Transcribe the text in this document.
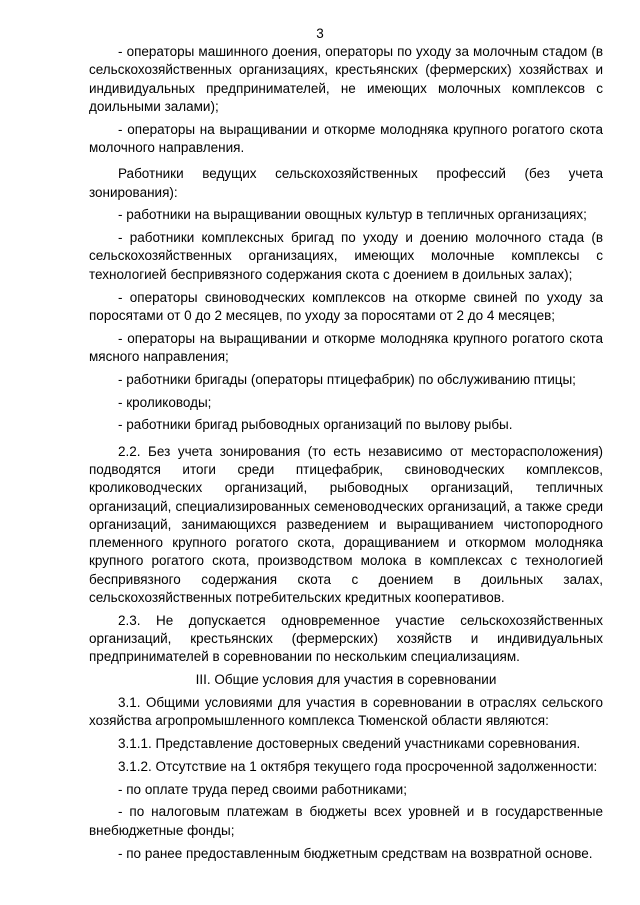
3

- операторы машинного доения, операторы по уходу за молочным стадом (в сельскохозяйственных организациях, крестьянских (фермерских) хозяйствах и индивидуальных предпринимателей, не имеющих молочных комплексов с доильными залами);

- операторы на выращивании и откорме молодняка крупного рогатого скота молочного направления.

Работники ведущих сельскохозяйственных профессий (без учета зонирования):

- работники на выращивании овощных культур в тепличных организациях;

- работники комплексных бригад по уходу и доению молочного стада (в сельскохозяйственных организациях, имеющих молочные комплексы с технологией беспривязного содержания скота с доением в доильных залах);

- операторы свиноводческих комплексов на откорме свиней по уходу за поросятами от 0 до 2 месяцев, по уходу за поросятами от 2 до 4 месяцев;

- операторы на выращивании и откорме молодняка крупного рогатого скота мясного направления;

- работники бригады (операторы птицефабрик) по обслуживанию птицы;

- кролиководы;

- работники бригад рыбоводных организаций по вылову рыбы.

2.2. Без учета зонирования (то есть независимо от месторасположения) подводятся итоги среди птицефабрик, свиноводческих комплексов, кролиководческих организаций, рыбоводных организаций, тепличных организаций, специализированных семеноводческих организаций, а также среди организаций, занимающихся разведением и выращиванием чистопородного племенного крупного рогатого скота, доращиванием и откормом молодняка крупного рогатого скота, производством молока в комплексах с технологией беспривязного содержания скота с доением в доильных залах, сельскохозяйственных потребительских кредитных кооперативов.

2.3. Не допускается одновременное участие сельскохозяйственных организаций, крестьянских (фермерских) хозяйств и индивидуальных предпринимателей в соревновании по нескольким специализациям.

III. Общие условия для участия в соревновании

3.1. Общими условиями для участия в соревновании в отраслях сельского хозяйства агропромышленного комплекса Тюменской области являются:

3.1.1. Представление достоверных сведений участниками соревнования.

3.1.2. Отсутствие на 1 октября текущего года просроченной задолженности:

- по оплате труда перед своими работниками;

- по налоговым платежам в бюджеты всех уровней и в государственные внебюджетные фонды;

- по ранее предоставленным бюджетным средствам на возвратной основе.
